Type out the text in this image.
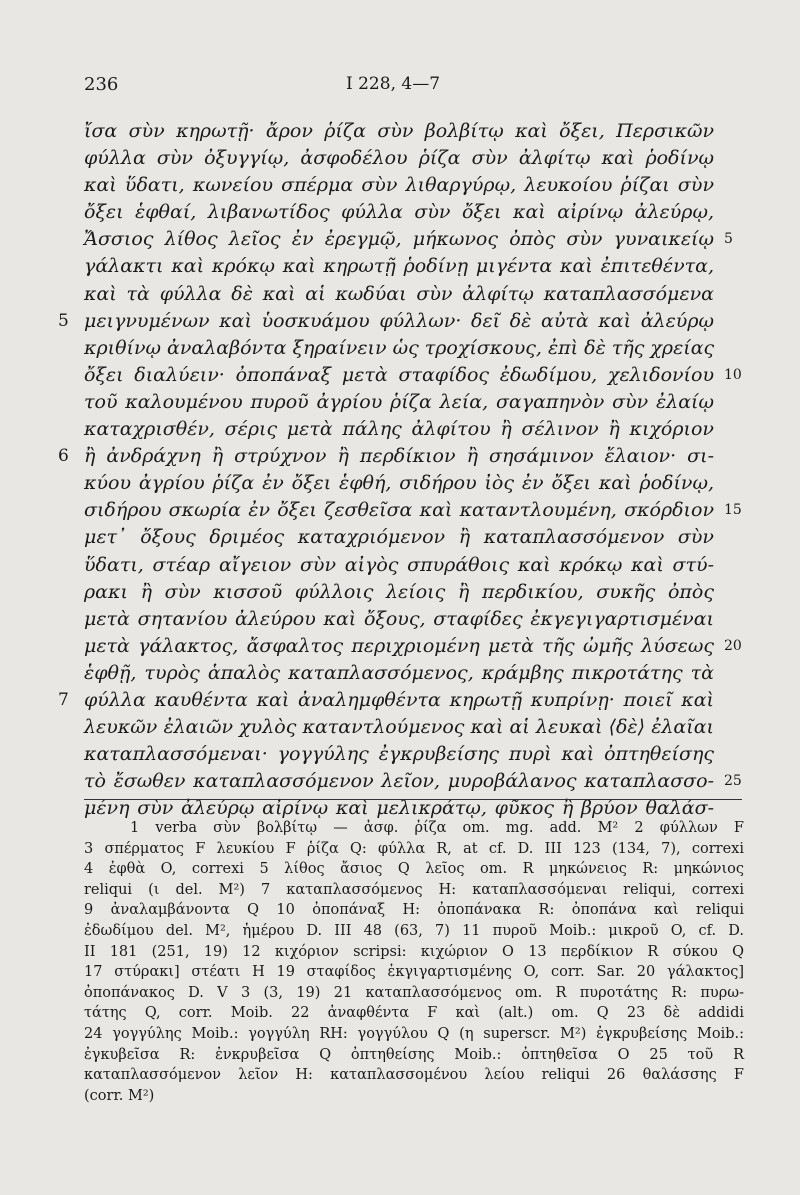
236	I 228, 4—7
ἴσα σὺν κηρωτῇ· ἄρον ῥίζα σὺν βολβίτῳ καὶ ὄξει, Περσικῶν
φύλλα σὺν ὀξυγγίῳ, ἀσφοδέλου ῥίζα σὺν ἀλφίτῳ καὶ ῥοδίνῳ
καὶ ὕδατι, κωνείου σπέρμα σὺν λιθαργύρῳ, λευκοίου ῥίζαι σὺν
ὄξει ἑφθαί, λιβανωτίδος φύλλα σὺν ὄξει καὶ αἰρίνῳ ἀλεύρῳ,
Ἄσσιος λίθος λεῖος ἐν ἐρεγμῷ, μήκωνος ὀπὸς σὺν γυναικείῳ 5
γάλακτι καὶ κρόκῳ καὶ κηρωτῇ ῥοδίνῃ μιγέντα καὶ ἐπιτεθέντα,
καὶ τὰ φύλλα δὲ καὶ αἱ κωδύαι σὺν ἀλφίτῳ καταπλασσόμενα
5 μειγνυμένων καὶ ὑοσκυάμου φύλλων· δεῖ δὲ αὐτὰ καὶ ἀλεύρῳ
κριθίνῳ ἀναλαβόντα ξηραίνειν ὡς τροχίσκους, ἐπὶ δὲ τῆς χρείας
ὄξει διαλύειν· ὀποπάναξ μετὰ σταφίδος ἐδωδίμου, χελιδονίου 10
τοῦ καλουμένου πυροῦ ἀγρίου ῥίζα λεία, σαγαπηνὸν σὺν ἐλαίῳ
καταχρισθέν, σέρις μετὰ πάλης ἀλφίτου ἢ σέλινον ἢ κιχόριον
6 ἢ ἀνδράχνη ἢ στρύχνον ἢ περδίκιον ἢ σησάμινον ἔλαιον· σι-
κύου ἀγρίου ῥίζα ἐν ὄξει ἑφθή, σιδήρου ἰὸς ἐν ὄξει καὶ ῥοδίνῳ,
σιδήρου σκωρία ἐν ὄξει ζεσθεῖσα καὶ καταντλουμένη, σκόρδιον 15
μετ᾽ ὄξους δριμέος καταχριόμενον ἢ καταπλασσόμενον σὺν
ὕδατι, στέαρ αἴγειον σὺν αἰγὸς σπυράθοις καὶ κρόκῳ καὶ στύ-
ρακι ἢ σὺν κισσοῦ φύλλοις λείοις ἢ περδικίου, συκῆς ὀπὸς
μετὰ σητανίου ἀλεύρου καὶ ὄξους, σταφίδες ἐκγεγιγαρτισμέναι
μετὰ γάλακτος, ἄσφαλτος περιχριομένη μετὰ τῆς ὠμῆς λύσεως 20
ἑφθῇ, τυρὸς ἁπαλὸς καταπλασσόμενος, κράμβης πικροτάτης τὰ
7 φύλλα καυθέντα καὶ ἀναλημφθέντα κηρωτῇ κυπρίνῃ· ποιεῖ καὶ
λευκῶν ἐλαιῶν χυλὸς καταντλούμενος καὶ αἱ λευκαὶ ⟨δὲ⟩ ἐλαῖαι
καταπλασσόμεναι· γογγύλης ἐγκρυβείσης πυρὶ καὶ ὀπτηθείσης
τὸ ἔσωθεν καταπλασσόμενον λεῖον, μυροβάλανος καταπλασσο- 25
μένη σὺν ἀλεύρῳ αἰρίνῳ καὶ μελικράτῳ, φῦκος ἢ βρύον θαλάσ-
1 verba σὺν βολβίτῳ — ἀσφ. ῥίζα om. mg. add. M² 2 φύλλων F
3 σπέρματος F λευκίου F ῥίζα Q: φύλλα R, at cf. D. III 123 (134, 7), correxi
4 ἐφθὰ O, correxi 5 λίθος ἄσιος Q λεῖος om. R μηκώνειος R: μηκώνιος
reliqui (ι del. M²) 7 καταπλασσόμενος H: καταπλασσόμεναι reliqui, correxi
9 ἀναλαμβάνοντα Q 10 ὀποπάναξ H: ὀποπάνακα R: ὀποπάνα καὶ reliqui
ἐδωδίμου del. M², ἡμέρου D. III 48 (63, 7) 11 πυροῦ Moib.: μικροῦ O, cf. D.
II 181 (251, 19) 12 κιχόριον scripsi: κιχώριον O 13 περδίκιον R σύκου Q
17 στύρακι] στέατι H 19 σταφίδος ἐκγιγαρτισμένης O, corr. Sar. 20 γάλακτος]
ὀποπάνακος D. V 3 (3, 19) 21 καταπλασσόμενος om. R πυροτάτης R: πυρω-
τάτης Q, corr. Moib. 22 ἀναφθέντα F καὶ (alt.) om. Q 23 δὲ addidi
24 γογγύλης Moib.: γογγύλη RH: γογγύλου Q (η superscr. M²) ἐγκρυβείσης Moib.:
ἐγκυβεῖσα R: ἐνκρυβεῖσα Q ὀπτηθείσης Moib.: ὀπτηθεῖσα O 25 τοῦ R
καταπλασσόμενον λεῖον H: καταπλασσομένου λείου reliqui 26 θαλάσσης F
(corr. M²)
